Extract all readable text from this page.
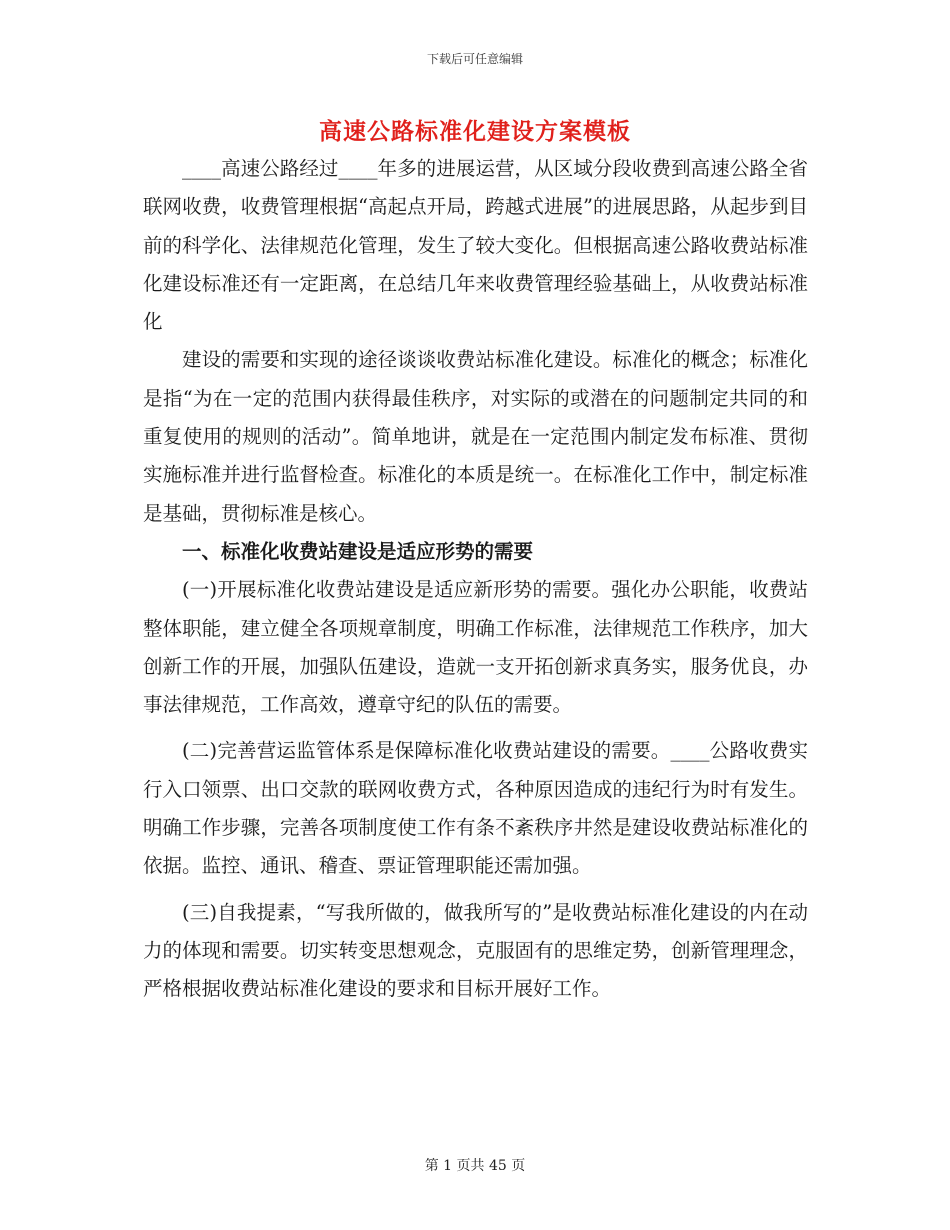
下载后可任意编辑
高速公路标准化建设方案模板

____高速公路经过____年多的进展运营，从区域分段收费到高速公路全省联网收费，收费管理根据“高起点开局，跨越式进展”的进展思路，从起步到目前的科学化、法律规范化管理，发生了较大变化。但根据高速公路收费站标准化建设标准还有一定距离，在总结几年来收费管理经验基础上，从收费站标准化

建设的需要和实现的途径谈谈收费站标准化建设。标准化的概念；标准化是指“为在一定的范围内获得最佳秩序，对实际的或潜在的问题制定共同的和重复使用的规则的活动”。简单地讲，就是在一定范围内制定发布标准、贯彻实施标准并进行监督检查。标准化的本质是统一。在标准化工作中，制定标准是基础，贯彻标准是核心。

一、标准化收费站建设是适应形势的需要

(一)开展标准化收费站建设是适应新形势的需要。强化办公职能，收费站整体职能，建立健全各项规章制度，明确工作标准，法律规范工作秩序，加大创新工作的开展，加强队伍建设，造就一支开拓创新求真务实，服务优良，办事法律规范，工作高效，遵章守纪的队伍的需要。

(二)完善营运监管体系是保障标准化收费站建设的需要。____公路收费实行入口领票、出口交款的联网收费方式，各种原因造成的违纪行为时有发生。明确工作步骤，完善各项制度使工作有条不紊秩序井然是建设收费站标准化的依据。监控、通讯、稽查、票证管理职能还需加强。

(三)自我提素，“写我所做的，做我所写的”是收费站标准化建设的内在动力的体现和需要。切实转变思想观念，克服固有的思维定势，创新管理理念，严格根据收费站标准化建设的要求和目标开展好工作。

第 1 页共 45 页
